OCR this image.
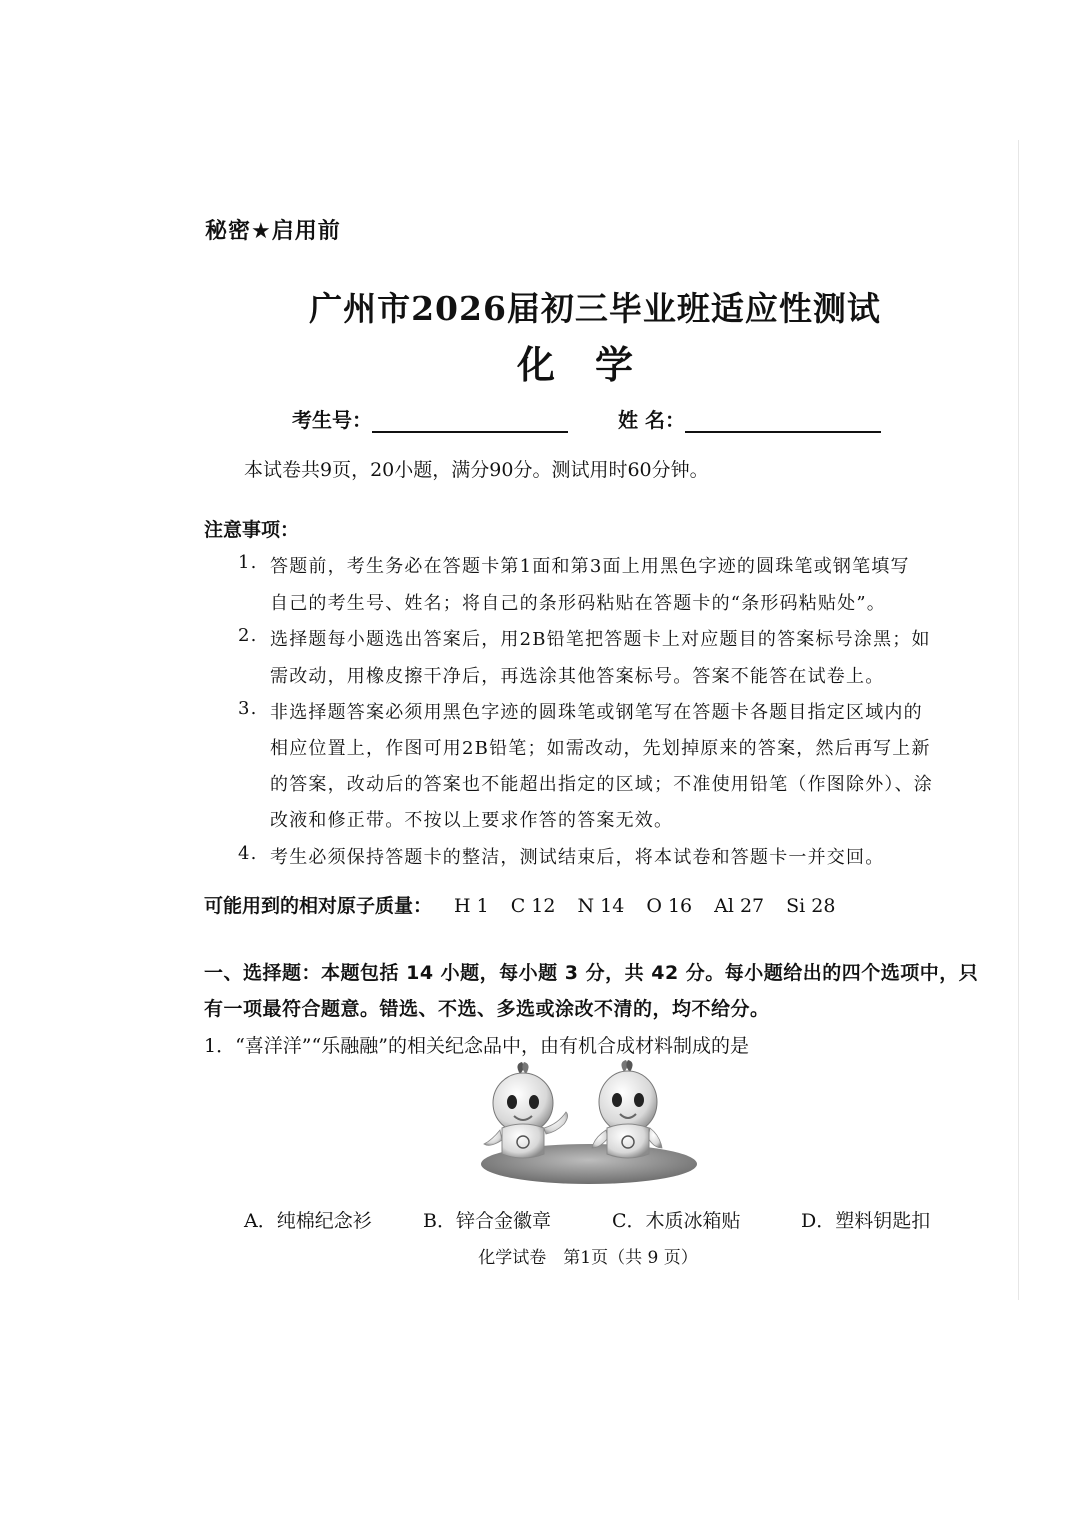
秘密★启用前
广州市2026届初三毕业班适应性测试
化学
考生号：	姓 名：
本试卷共9页，20小题，满分90分。测试用时60分钟。
注意事项：
1. 答题前，考生务必在答题卡第1面和第3面上用黑色字迹的圆珠笔或钢笔填写
自己的考生号、姓名；将自己的条形码粘贴在答题卡的“条形码粘贴处”。
2. 选择题每小题选出答案后，用2B铅笔把答题卡上对应题目的答案标号涂黑；如
需改动，用橡皮擦干净后，再选涂其他答案标号。答案不能答在试卷上。
3. 非选择题答案必须用黑色字迹的圆珠笔或钢笔写在答题卡各题目指定区域内的
相应位置上，作图可用2B铅笔；如需改动，先划掉原来的答案，然后再写上新
的答案，改动后的答案也不能超出指定的区域；不准使用铅笔（作图除外）、涂
改液和修正带。不按以上要求作答的答案无效。
4. 考生必须保持答题卡的整洁，测试结束后，将本试卷和答题卡一并交回。
可能用到的相对原子质量： H 1 C 12 N 14 O 16 Al 27 Si 28
一、选择题：本题包括 14 小题，每小题 3 分，共 42 分。每小题给出的四个选项中，只
有一项最符合题意。错选、不选、多选或涂改不清的，均不给分。
1．“喜洋洋”“乐融融”的相关纪念品中，由有机合成材料制成的是
A．纯棉纪念衫	B．锌合金徽章	C．木质冰箱贴	D．塑料钥匙扣
化学试卷　第1页（共 9 页）
